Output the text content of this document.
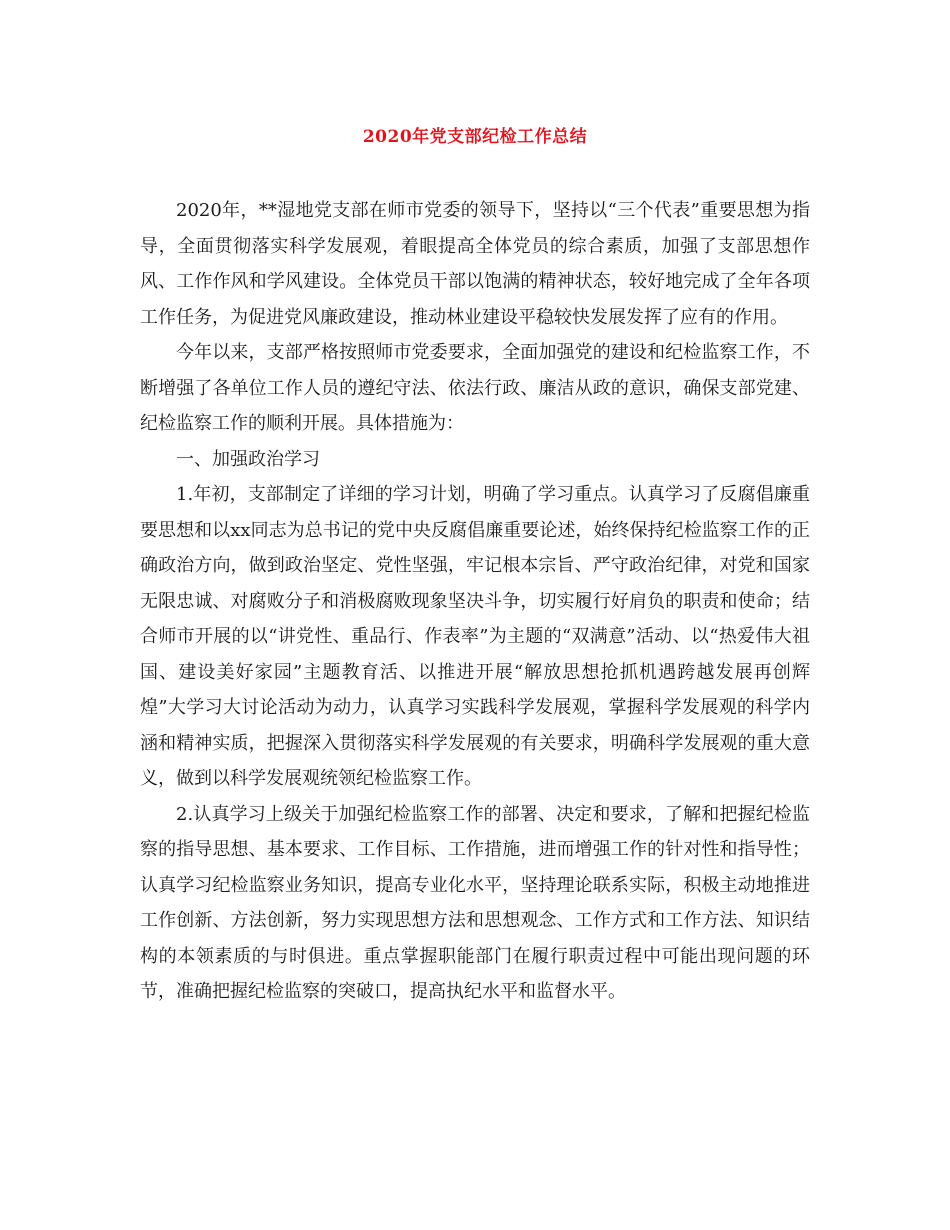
2020年党支部纪检工作总结

2020年，**湿地党支部在师市党委的领导下，坚持以“三个代表”重要思想为指导，全面贯彻落实科学发展观，着眼提高全体党员的综合素质，加强了支部思想作风、工作作风和学风建设。全体党员干部以饱满的精神状态，较好地完成了全年各项工作任务，为促进党风廉政建设，推动林业建设平稳较快发展发挥了应有的作用。

今年以来，支部严格按照师市党委要求，全面加强党的建设和纪检监察工作，不断增强了各单位工作人员的遵纪守法、依法行政、廉洁从政的意识，确保支部党建、纪检监察工作的顺利开展。具体措施为：

一、加强政治学习

1.年初，支部制定了详细的学习计划，明确了学习重点。认真学习了反腐倡廉重要思想和以xx同志为总书记的党中央反腐倡廉重要论述，始终保持纪检监察工作的正确政治方向，做到政治坚定、党性坚强，牢记根本宗旨、严守政治纪律，对党和国家无限忠诚、对腐败分子和消极腐败现象坚决斗争，切实履行好肩负的职责和使命；结合师市开展的以“讲党性、重品行、作表率”为主题的“双满意”活动、以“热爱伟大祖国、建设美好家园”主题教育活、以推进开展“解放思想抢抓机遇跨越发展再创辉煌”大学习大讨论活动为动力，认真学习实践科学发展观，掌握科学发展观的科学内涵和精神实质，把握深入贯彻落实科学发展观的有关要求，明确科学发展观的重大意义，做到以科学发展观统领纪检监察工作。

2.认真学习上级关于加强纪检监察工作的部署、决定和要求，了解和把握纪检监察的指导思想、基本要求、工作目标、工作措施，进而增强工作的针对性和指导性；认真学习纪检监察业务知识，提高专业化水平，坚持理论联系实际，积极主动地推进工作创新、方法创新，努力实现思想方法和思想观念、工作方式和工作方法、知识结构的本领素质的与时俱进。重点掌握职能部门在履行职责过程中可能出现问题的环节，准确把握纪检监察的突破口，提高执纪水平和监督水平。
